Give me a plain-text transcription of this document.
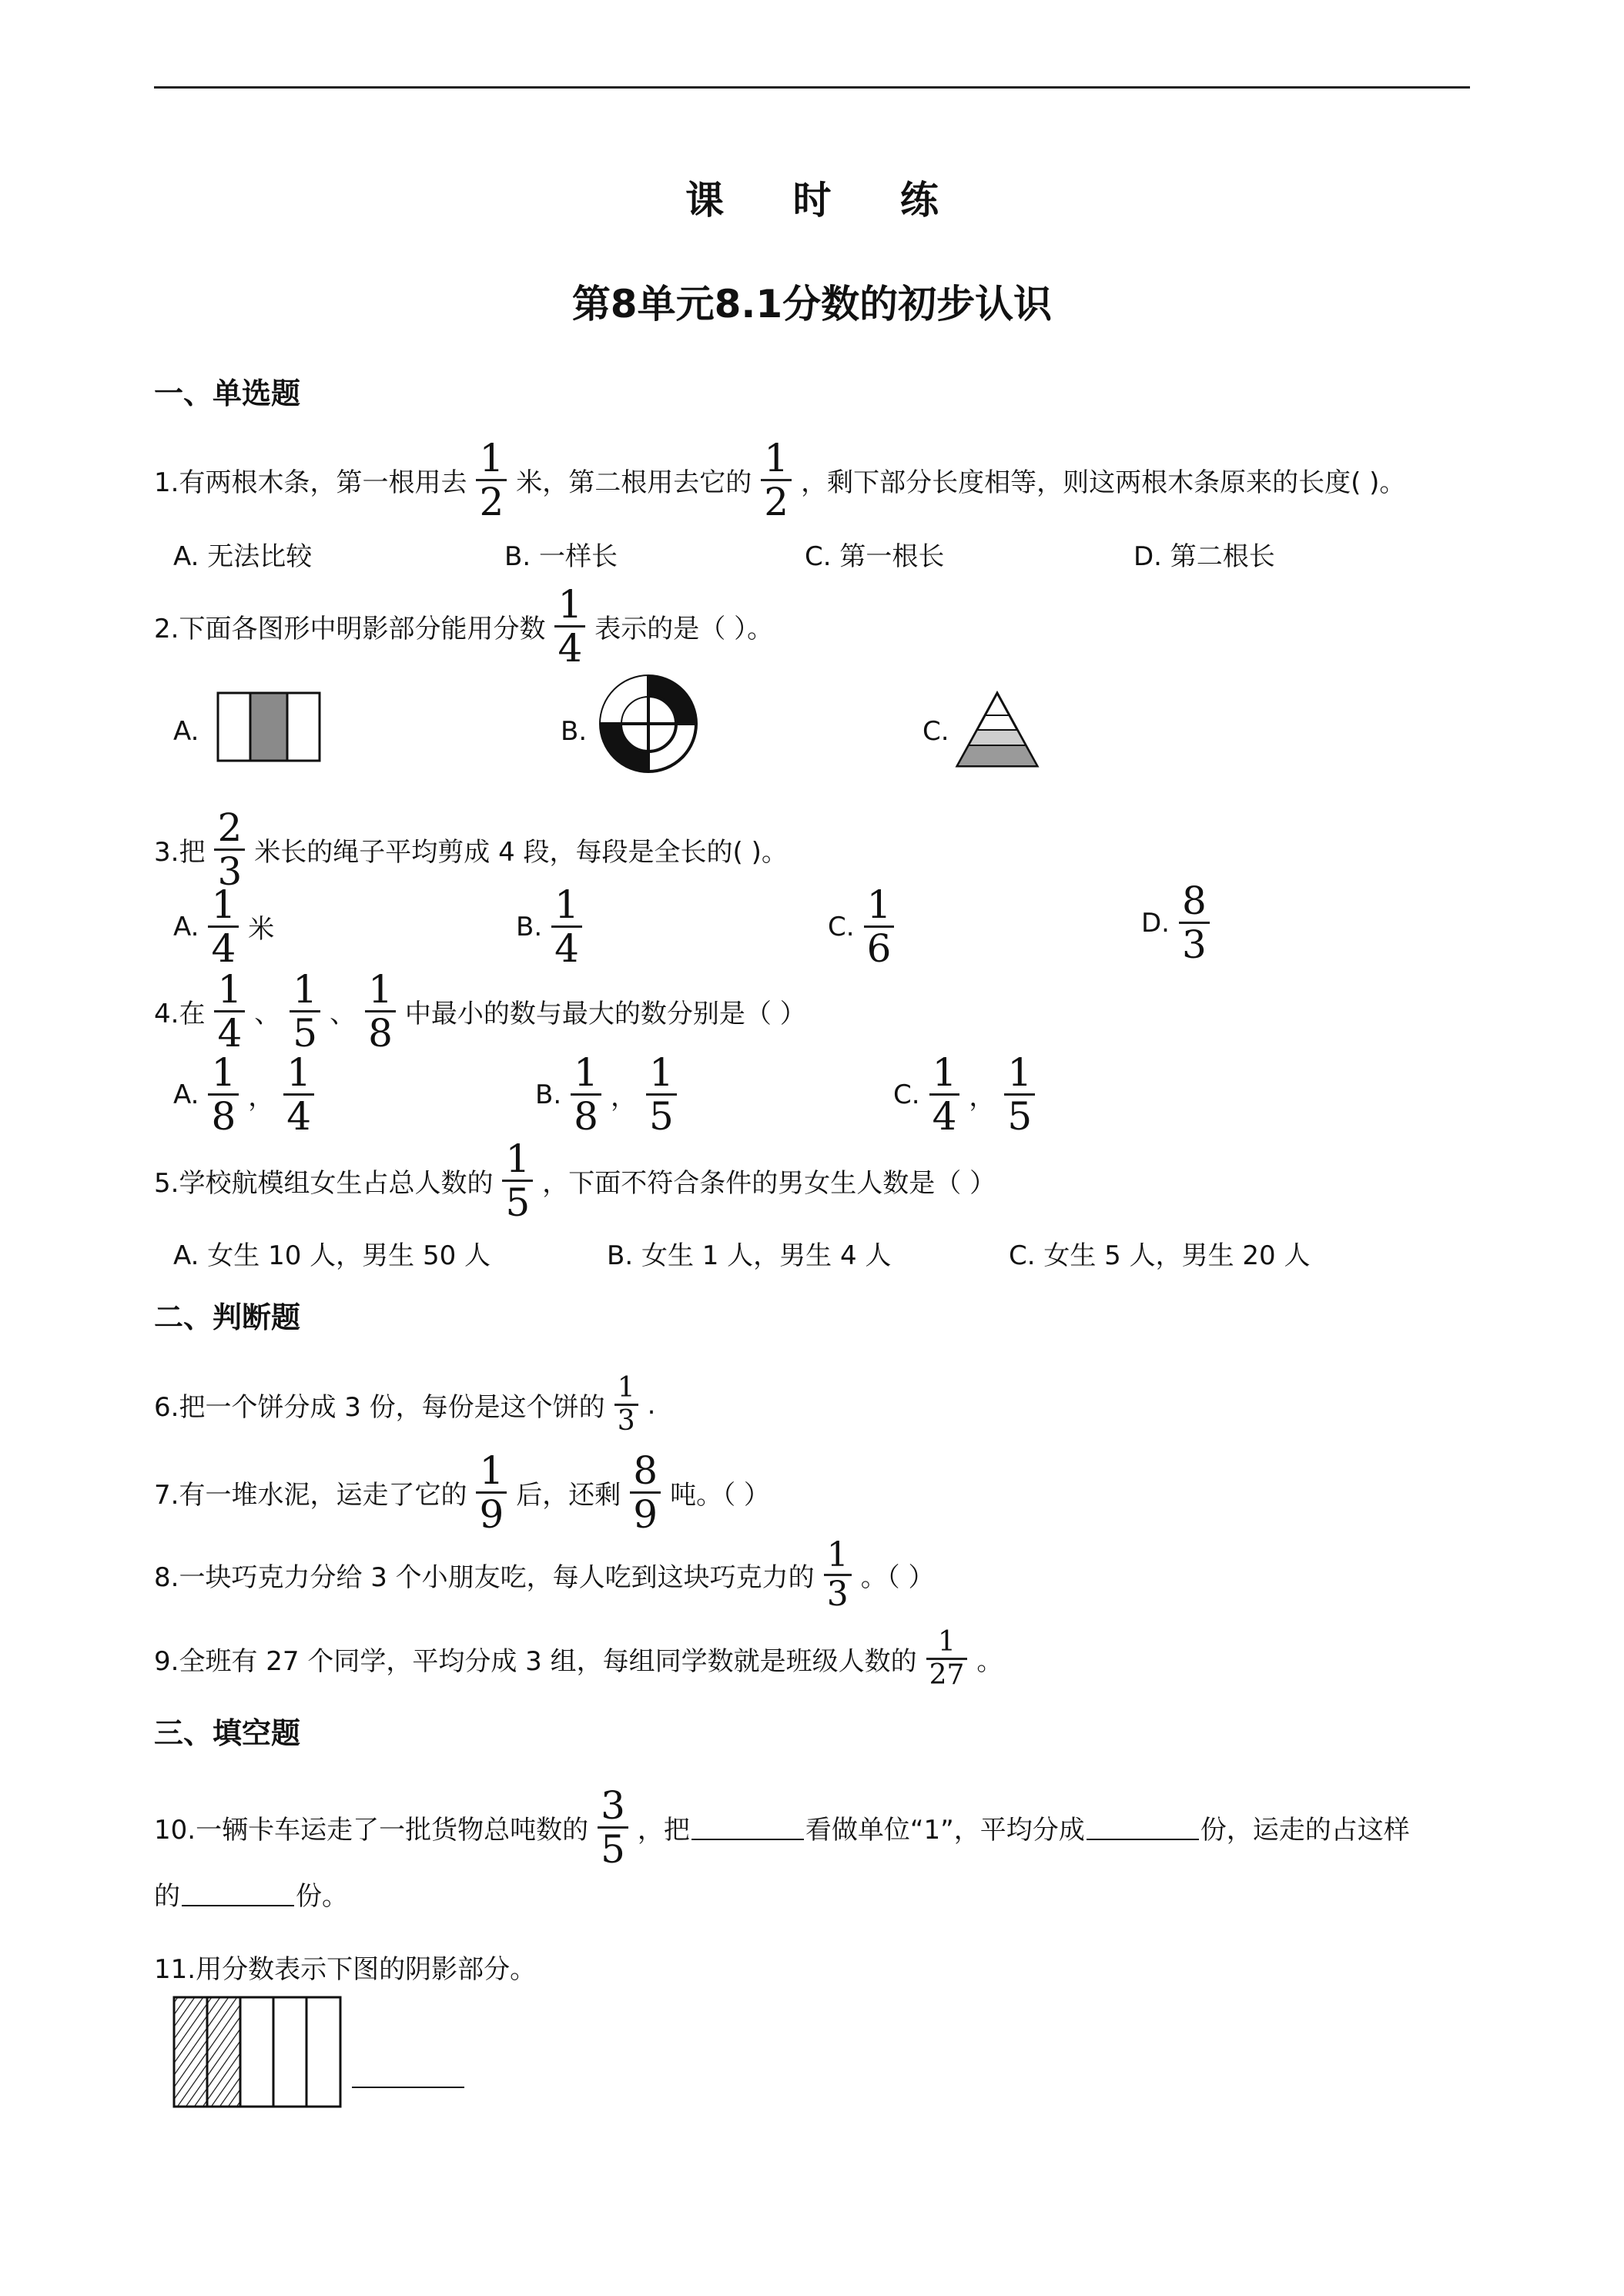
课 时 练
第8单元8.1分数的初步认识
一、单选题
1.有两根木条，第一根用去
1
2 米，第二根用去它的
1
2 ，剩下部分长度相等，则这两根木条原来的长度( )。
A. 无法比较	B. 一样长	C. 第一根长	D. 第二根长
2.下面各图形中明影部分能用分数
1
4 表示的是（ ）。
A.	B.	C.
3.把
2
3 米长的绳子平均剪成 4 段，每段是全长的( )。
A. 1
4 米	B. 1
4	C. 1
6
D. 8
3
4.在
1
4 、
1
5 、
1
8 中最小的数与最大的数分别是（ ）
A. 1
8 ，
1
4	B. 1
8 ，
1
5	C. 1
4 ，
1
5
5.学校航模组女生占总人数的
1
5 ，下面不符合条件的男女生人数是（ ）
A. 女生 10 人，男生 50 人	B. 女生 1 人，男生 4 人	C. 女生 5 人，男生 20 人
二、判断题
6.把一个饼分成 3 份，每份是这个饼的
1
3
.
7.有一堆水泥，运走了它的
1
9 后，还剩
8
9 吨。（ ）
8.一块巧克力分给 3 个小朋友吃，每人吃到这块巧克力的
1
3 。（ ）
9.全班有 27 个同学，平均分成 3 组，每组同学数就是班级人数的
1
27 。
三、填空题
10.一辆卡车运走了一批货物总吨数的
3
5 ，把	看做单位“1”，平均分成	份，运走的占这样
的	份。
11.用分数表示下图的阴影部分。
